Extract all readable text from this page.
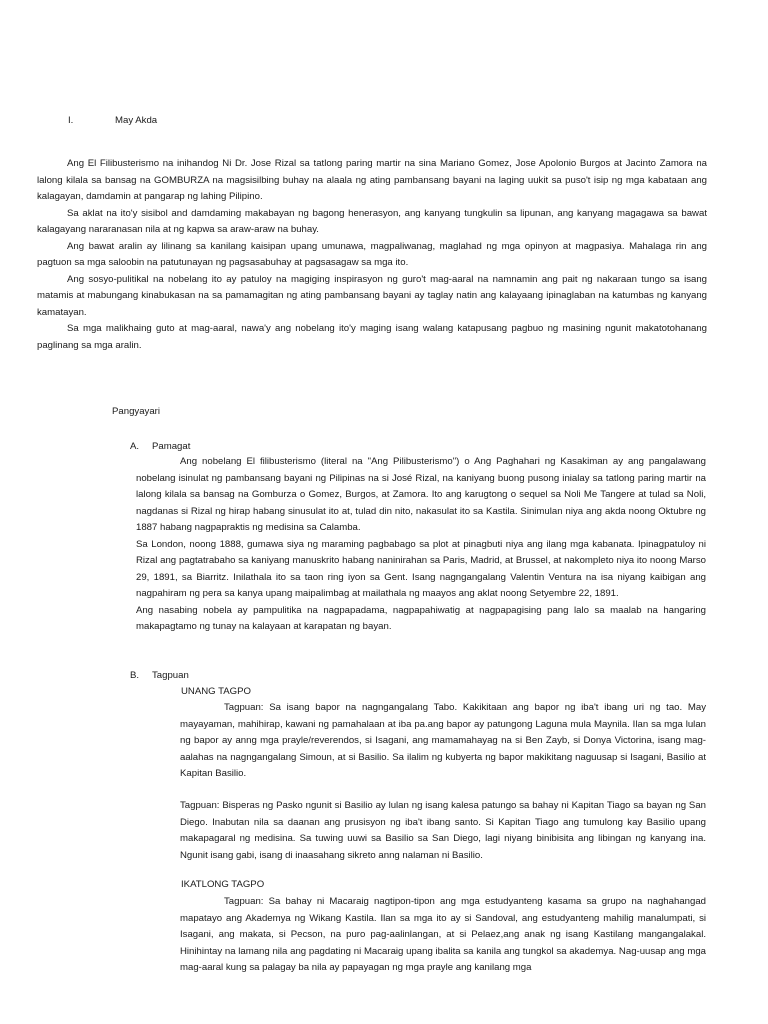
I.	May Akda

Ang El Filibusterismo na inihandog Ni Dr. Jose Rizal sa tatlong paring martir na sina Mariano Gomez, Jose Apolonio Burgos at Jacinto Zamora na lalong kilala sa bansag na GOMBURZA na magsisilbing buhay na alaala ng ating pambansang bayani na laging uukit sa puso't isip ng mga kabataan ang kalagayan, damdamin at pangarap ng lahing Pilipino.

Sa aklat na ito'y sisibol and damdaming makabayan ng bagong henerasyon, ang kanyang tungkulin sa lipunan, ang kanyang magagawa sa bawat kalagayang nararanasan nila at ng kapwa sa araw-araw na buhay.

Ang bawat aralin ay lilinang sa kanilang kaisipan upang umunawa, magpaliwanag, maglahad ng mga opinyon at magpasiya. Mahalaga rin ang pagtuon sa mga saloobin na patutunayan ng pagsasabuhay at pagsasagaw sa mga ito.

Ang sosyo-pulitikal na nobelang ito ay patuloy na magiging inspirasyon ng guro't mag-aaral na namnamin ang pait ng nakaraan tungo sa isang matamis at mabungang kinabukasan na sa pamamagitan ng ating pambansang bayani ay taglay natin ang kalayaang ipinaglaban na katumbas ng kanyang kamatayan.

Sa mga malikhaing guto at mag-aaral, nawa'y ang nobelang ito'y maging isang walang katapusang pagbuo ng masining ngunit makatotohanang paglinang sa mga aralin.

Pangyayari
A. Pamagat

Ang nobelang El filibusterismo (literal na "Ang Pilibusterismo") o Ang Paghahari ng Kasakiman ay ang pangalawang nobelang isinulat ng pambansang bayani ng Pilipinas na si José Rizal, na kaniyang buong pusong inialay sa tatlong paring martir na lalong kilala sa bansag na Gomburza o Gomez, Burgos, at Zamora. Ito ang karugtong o sequel sa Noli Me Tangere at tulad sa Noli, nagdanas si Rizal ng hirap habang sinusulat ito at, tulad din nito, nakasulat ito sa Kastila. Sinimulan niya ang akda noong Oktubre ng 1887 habang nagpapraktis ng medisina sa Calamba.

Sa London, noong 1888, gumawa siya ng maraming pagbabago sa plot at pinagbuti niya ang ilang mga kabanata. Ipinagpatuloy ni Rizal ang pagtatrabaho sa kaniyang manuskrito habang naninirahan sa Paris, Madrid, at Brussel, at nakompleto niya ito noong Marso 29, 1891, sa Biarritz. Inilathala ito sa taon ring iyon sa Gent. Isang nagngangalang Valentin Ventura na isa niyang kaibigan ang nagpahiram ng pera sa kanya upang maipalimbag at mailathala ng maayos ang aklat noong Setyembre 22, 1891.

Ang nasabing nobela ay pampulitika na nagpapadama, nagpapahiwatig at nagpapagising pang lalo sa maalab na hangaring makapagtamo ng tunay na kalayaan at karapatan ng bayan.

B. Tagpuan
UNANG TAGPO

Tagpuan: Sa isang bapor na nagngangalang Tabo. Kakikitaan ang bapor ng iba't ibang uri ng tao. May mayayaman, mahihirap, kawani ng pamahalaan at iba pa.ang bapor ay patungong Laguna mula Maynila. Ilan sa mga lulan ng bapor ay anng mga prayle/reverendos, si Isagani, ang mamamahayag na si Ben Zayb, si Donya Victorina, isang mag-aalahas na nagngangalang Simoun, at si Basilio. Sa ilalim ng kubyerta ng bapor makikitang naguusap si Isagani, Basilio at Kapitan Basilio.

Tagpuan: Bisperas ng Pasko ngunit si Basilio ay lulan ng isang kalesa patungo sa bahay ni Kapitan Tiago sa bayan ng San Diego. Inabutan nila sa daanan ang prusisyon ng iba't ibang santo. Si Kapitan Tiago ang tumulong kay Basilio upang makapagaral ng medisina. Sa tuwing uuwi sa Basilio sa San Diego, lagi niyang binibisita ang libingan ng kanyang ina. Ngunit isang gabi, isang di inaasahang sikreto anng nalaman ni Basilio.

IKATLONG TAGPO

Tagpuan: Sa bahay ni Macaraig nagtipon-tipon ang mga estudyanteng kasama sa grupo na naghahangad mapatayo ang Akademya ng Wikang Kastila. Ilan sa mga ito ay si Sandoval, ang estudyanteng mahilig manalumpati, si Isagani, ang makata, si Pecson, na puro pag-aalinlangan, at si Pelaez,ang anak ng isang Kastilang mangangalakal. Hinihintay na lamang nila ang pagdating ni Macaraig upang ibalita sa kanila ang tungkol sa akademya. Nag-uusap ang mga mag-aaral kung sa palagay ba nila ay papayagan ng mga prayle ang kanilang mga
